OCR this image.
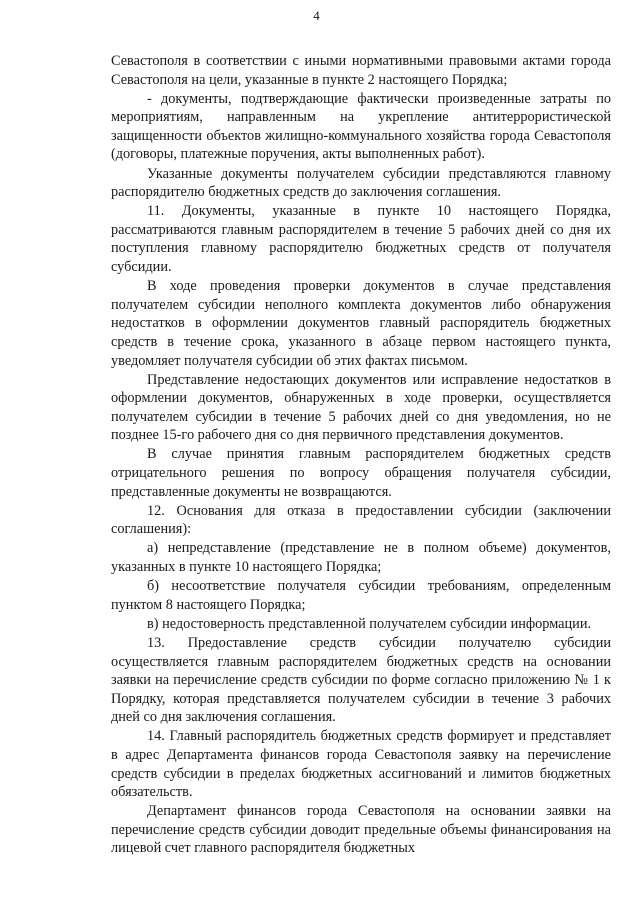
4

Севастополя в соответствии с иными нормативными правовыми актами города Севастополя на цели, указанные в пункте 2 настоящего Порядка;

- документы, подтверждающие фактически произведенные затраты по мероприятиям, направленным на укрепление антитеррористической защищенности объектов жилищно-коммунального хозяйства города Севастополя (договоры, платежные поручения, акты выполненных работ).

Указанные документы получателем субсидии представляются главному распорядителю бюджетных средств до заключения соглашения.

11. Документы, указанные в пункте 10 настоящего Порядка, рассматриваются главным распорядителем в течение 5 рабочих дней со дня их поступления главному распорядителю бюджетных средств от получателя субсидии.

В ходе проведения проверки документов в случае представления получателем субсидии неполного комплекта документов либо обнаружения недостатков в оформлении документов главный распорядитель бюджетных средств в течение срока, указанного в абзаце первом настоящего пункта, уведомляет получателя субсидии об этих фактах письмом.

Представление недостающих документов или исправление недостатков в оформлении документов, обнаруженных в ходе проверки, осуществляется получателем субсидии в течение 5 рабочих дней со дня уведомления, но не позднее 15-го рабочего дня со дня первичного представления документов.

В случае принятия главным распорядителем бюджетных средств отрицательного решения по вопросу обращения получателя субсидии, представленные документы не возвращаются.

12. Основания для отказа в предоставлении субсидии (заключении соглашения):

а) непредставление (представление не в полном объеме) документов, указанных в пункте 10 настоящего Порядка;

б) несоответствие получателя субсидии требованиям, определенным пунктом 8 настоящего Порядка;

в) недостоверность представленной получателем субсидии информации.

13. Предоставление средств субсидии получателю субсидии осуществляется главным распорядителем бюджетных средств на основании заявки на перечисление средств субсидии по форме согласно приложению № 1 к Порядку, которая представляется получателем субсидии в течение 3 рабочих дней со дня заключения соглашения.

14. Главный распорядитель бюджетных средств формирует и представляет в адрес Департамента финансов города Севастополя заявку на перечисление средств субсидии в пределах бюджетных ассигнований и лимитов бюджетных обязательств.

Департамент финансов города Севастополя на основании заявки на перечисление средств субсидии доводит предельные объемы финансирования на лицевой счет главного распорядителя бюджетных
